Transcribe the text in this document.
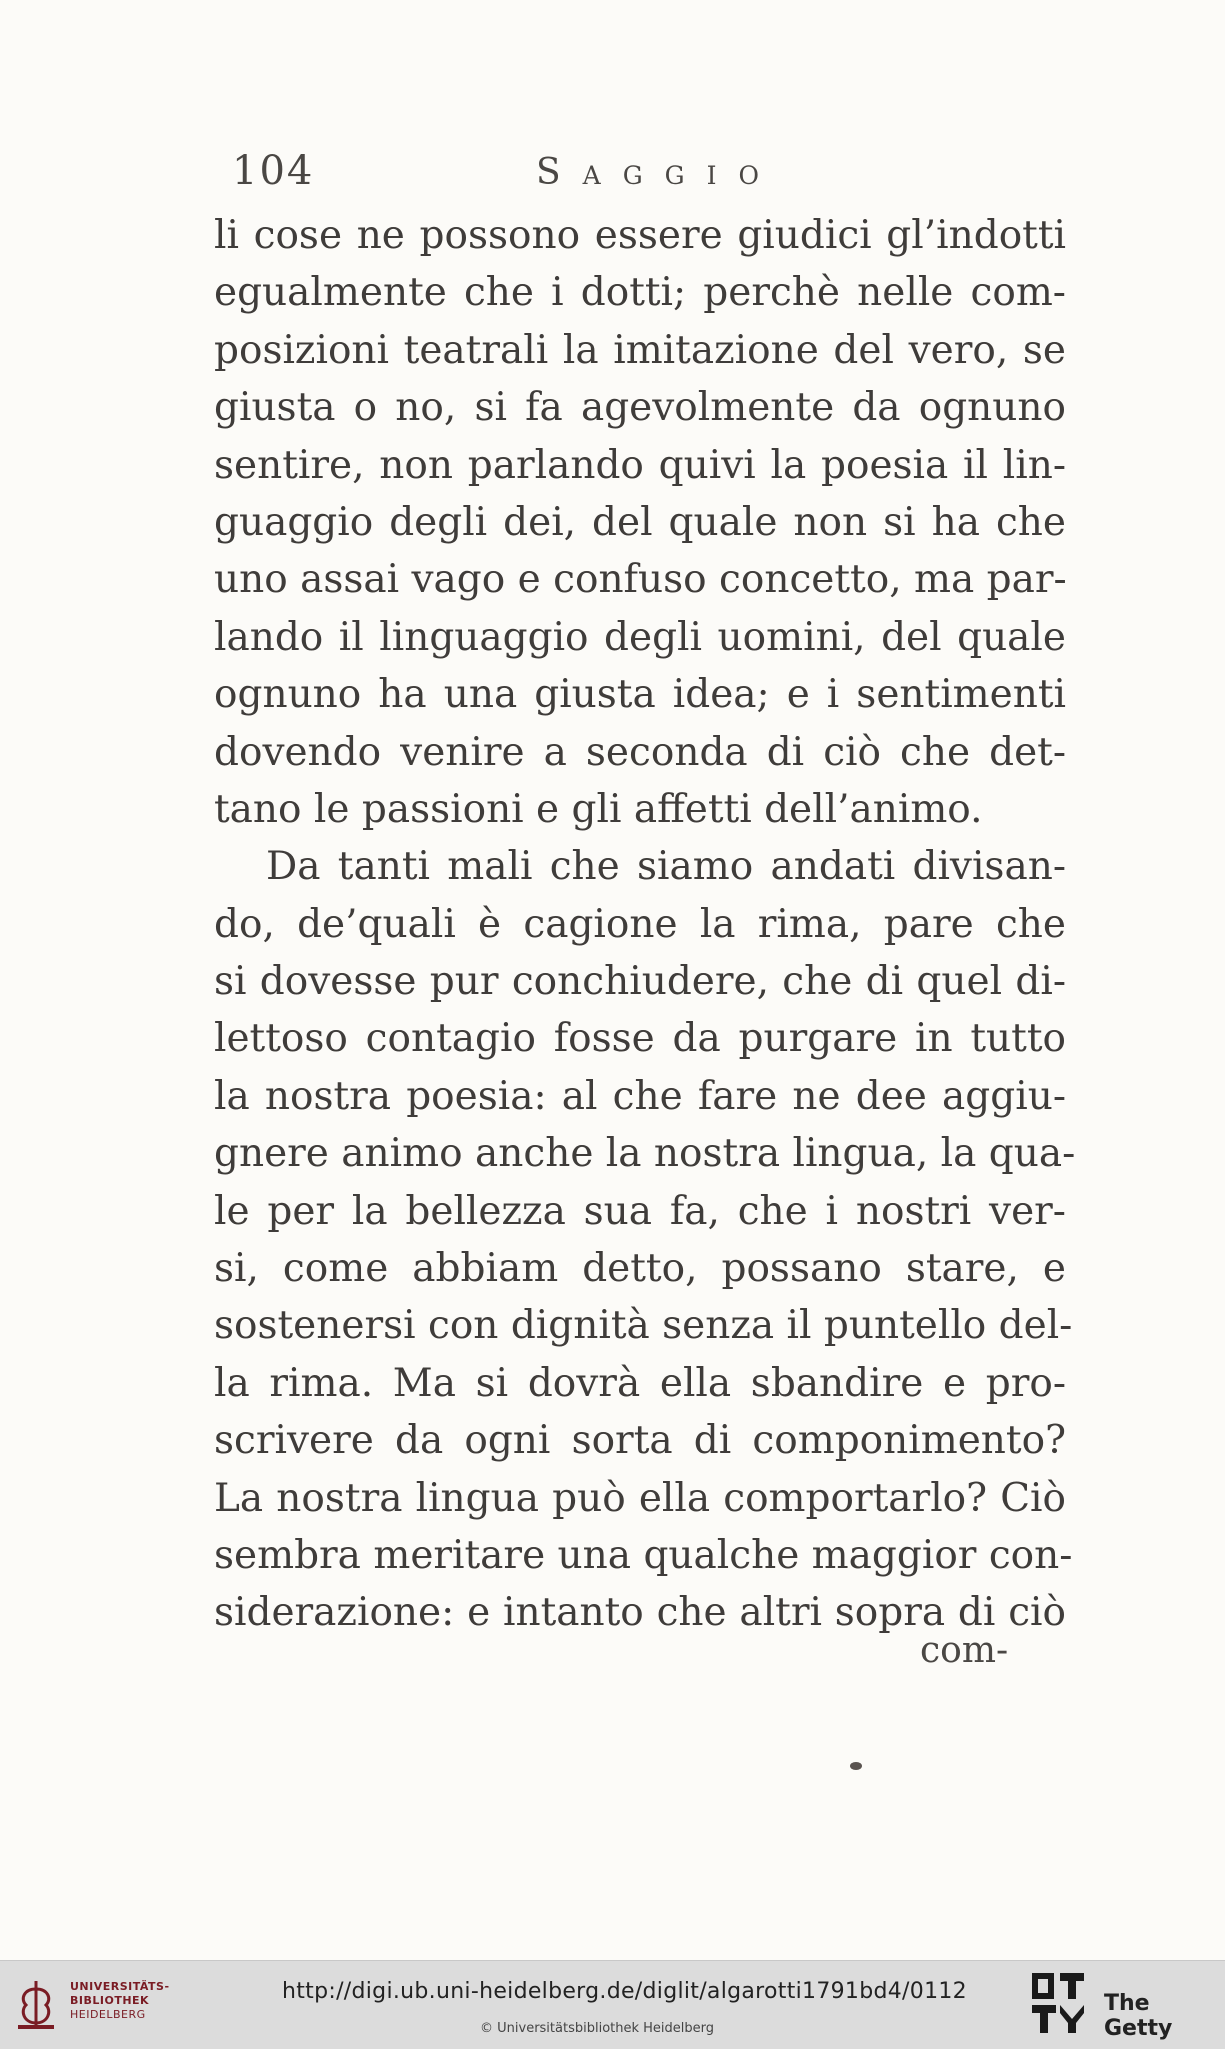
104	Saggio
li cose ne possono essere giudici gl’indotti
egualmente che i dotti; perchè nelle com-
posizioni teatrali la imitazione del vero, se
giusta o no, si fa agevolmente da ognuno
sentire, non parlando quivi la poesia il lin-
guaggio degli dei, del quale non si ha che
uno assai vago e confuso concetto, ma par-
lando il linguaggio degli uomini, del quale
ognuno ha una giusta idea; e i sentimenti
dovendo venire a seconda di ciò che det-
tano le passioni e gli affetti dell’animo.
Da tanti mali che siamo andati divisan-
do, de’quali è cagione la rima, pare che
si dovesse pur conchiudere, che di quel di-
lettoso contagio fosse da purgare in tutto
la nostra poesia: al che fare ne dee aggiu-
gnere animo anche la nostra lingua, la qua-
le per la bellezza sua fa, che i nostri ver-
si, come abbiam detto, possano stare, e
sostenersi con dignità senza il puntello del-
la rima. Ma si dovrà ella sbandire e pro-
scrivere da ogni sorta di componimento?
La nostra lingua può ella comportarlo? Ciò
sembra meritare una qualche maggior con-
siderazione: e intanto che altri sopra di ciò
com-
UNIVERSITÄTS-
BIBLIOTHEK
HEIDELBERG
http://digi.ub.uni-heidelberg.de/diglit/algarotti1791bd4/0112
© Universitätsbibliothek Heidelberg
The Getty
